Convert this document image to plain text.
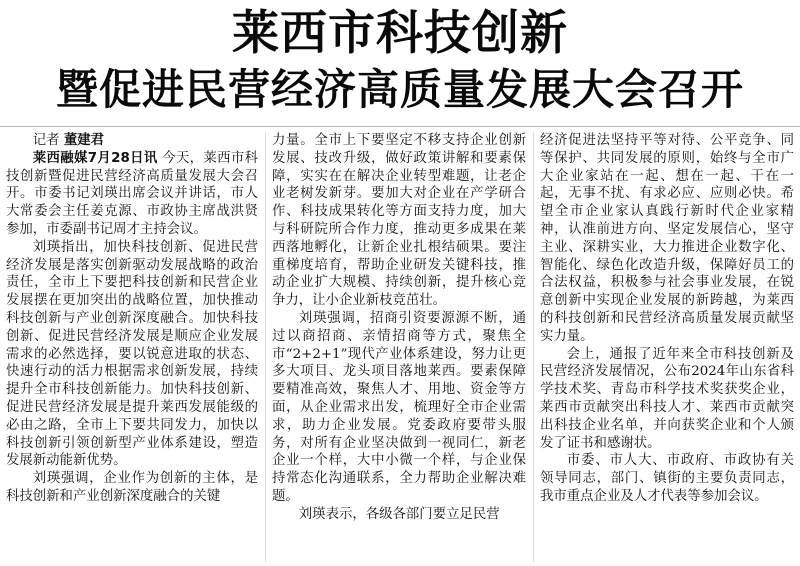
莱西市科技创新
暨促进民营经济高质量发展大会召开
记者 董建君

莱西融媒7月28日讯 今天，莱西市科技创新暨促进民营经济高质量发展大会召开。市委书记刘瑛出席会议并讲话，市人大常委会主任姜克源、市政协主席战洪贤参加，市委副书记周才主持会议。

刘瑛指出，加快科技创新、促进民营经济发展是落实创新驱动发展战略的政治责任，全市上下要把科技创新和民营企业发展摆在更加突出的战略位置，加快推动科技创新与产业创新深度融合。加快科技创新、促进民营经济发展是顺应企业发展需求的必然选择，要以锐意进取的状态、快速行动的活力根据需求创新发展，持续提升全市科技创新能力。加快科技创新、促进民营经济发展是提升莱西发展能级的必由之路，全市上下要共同发力，加快以科技创新引领创新型产业体系建设，塑造发展新动能新优势。

刘瑛强调，企业作为创新的主体，是科技创新和产业创新深度融合的关键

力量。全市上下要坚定不移支持企业创新发展、技改升级，做好政策讲解和要素保障，实实在在解决企业转型难题，让老企业老树发新芽。要加大对企业在产学研合作、科技成果转化等方面支持力度，加大与科研院所合作力度，推动更多成果在莱西落地孵化，让新企业扎根结硕果。要注重梯度培育，帮助企业研发关键科技，推动企业扩大规模、持续创新，提升核心竞争力，让小企业新枝竞茁壮。

刘瑛强调，招商引资要源源不断，通过以商招商、亲情招商等方式，聚焦全市“2+2+1”现代产业体系建设，努力让更多大项目、龙头项目落地莱西。要素保障要精准高效，聚焦人才、用地、资金等方面，从企业需求出发，梳理好全市企业需求，助力企业发展。党委政府要带头服务，对所有企业坚决做到一视同仁，新老企业一个样，大中小微一个样，与企业保持常态化沟通联系，全力帮助企业解决难题。

刘瑛表示，各级各部门要立足民营

经济促进法坚持平等对待、公平竞争、同等保护、共同发展的原则，始终与全市广大企业家站在一起、想在一起、干在一起，无事不扰、有求必应、应则必快。希望全市企业家认真践行新时代企业家精神，认准前进方向、坚定发展信心，坚守主业、深耕实业，大力推进企业数字化、智能化、绿色化改造升级，保障好员工的合法权益，积极参与社会事业发展，在锐意创新中实现企业发展的新跨越，为莱西的科技创新和民营经济高质量发展贡献坚实力量。

会上，通报了近年来全市科技创新及民营经济发展情况，公布2024年山东省科学技术奖、青岛市科学技术奖获奖企业，莱西市贡献突出科技人才、莱西市贡献突出科技企业名单，并向获奖企业和个人颁发了证书和感谢状。

市委、市人大、市政府、市政协有关领导同志，部门、镇街的主要负责同志，我市重点企业及人才代表等参加会议。
